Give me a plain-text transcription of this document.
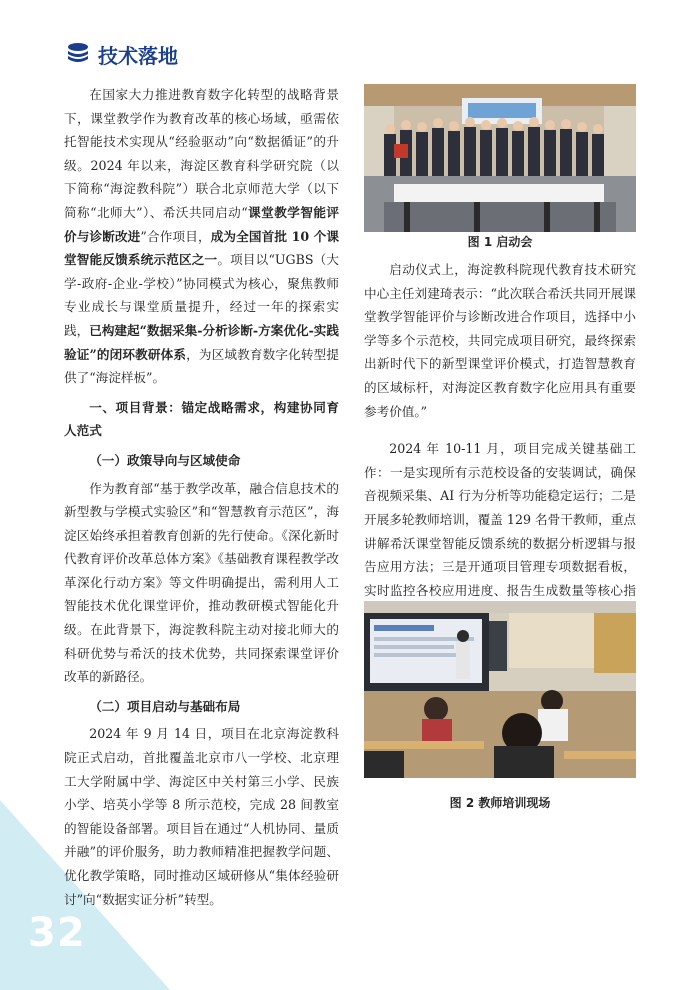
32
技术落地

在国家大力推进教育数字化转型的战略背景下，课堂教学作为教育改革的核心场域，亟需依托智能技术实现从“经验驱动”向“数据循证”的升级。2024 年以来，海淀区教育科学研究院（以下简称“海淀教科院”）联合北京师范大学（以下简称“北师大”）、希沃共同启动“课堂教学智能评价与诊断改进”合作项目，成为全国首批 10 个课堂智能反馈系统示范区之一。项目以“UGBS（大学-政府-企业-学校）”协同模式为核心，聚焦教师专业成长与课堂质量提升，经过一年的探索实践，已构建起“数据采集-分析诊断-方案优化-实践验证”的闭环教研体系，为区域教育数字化转型提供了“海淀样板”。

一、项目背景：锚定战略需求，构建协同育人范式
（一）政策导向与区域使命

作为教育部“基于教学改革，融合信息技术的新型教与学模式实验区”和“智慧教育示范区”，海淀区始终承担着教育创新的先行使命。《深化新时代教育评价改革总体方案》《基础教育课程教学改革深化行动方案》等文件明确提出，需利用人工智能技术优化课堂评价，推动教研模式智能化升级。在此背景下，海淀教科院主动对接北师大的科研优势与希沃的技术优势，共同探索课堂评价改革的新路径。

（二）项目启动与基础布局

2024 年 9 月 14 日，项目在北京海淀教科院正式启动，首批覆盖北京市八一学校、北京理工大学附属中学、海淀区中关村第三小学、民族小学、培英小学等 8 所示范校，完成 28 间教室的智能设备部署。项目旨在通过“人机协同、量质并融”的评价服务，助力教师精准把握教学问题、优化教学策略，同时推动区域研修从“集体经验研讨”向“数据实证分析”转型。

图 1 启动会

启动仪式上，海淀教科院现代教育技术研究中心主任刘建琦表示：“此次联合希沃共同开展课堂教学智能评价与诊断改进合作项目，选择中小学等多个示范校，共同完成项目研究，最终探索出新时代下的新型课堂评价模式，打造智慧教育的区域标杆，对海淀区教育数字化应用具有重要参考价值。”

2024 年 10-11 月，项目完成关键基础工作：一是实现所有示范校设备的安装调试，确保音视频采集、AI 行为分析等功能稳定运行；二是开展多轮教师培训，覆盖 129 名骨干教师，重点讲解希沃课堂智能反馈系统的数据分析逻辑与报告应用方法；三是开通项目管理专项数据看板，实时监控各校应用进度、报告生成数量等核心指

图 2 教师培训现场
